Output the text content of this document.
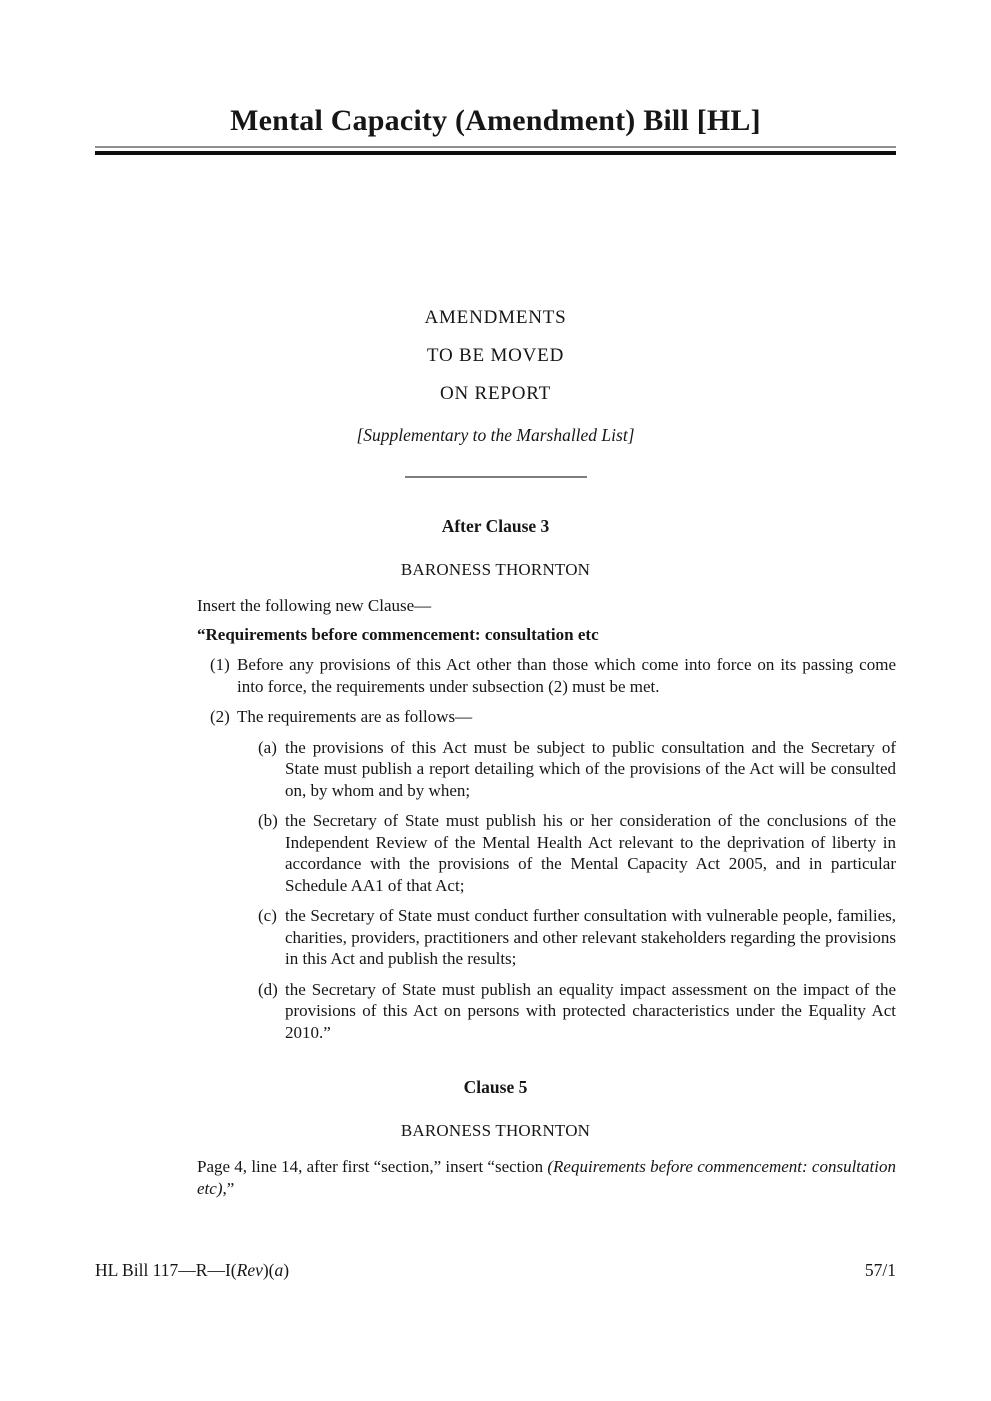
Mental Capacity (Amendment) Bill [HL]

AMENDMENTS

TO BE MOVED

ON REPORT

[Supplementary to the Marshalled List]

After Clause 3

BARONESS THORNTON

Insert the following new Clause—
“Requirements before commencement: consultation etc
(1) Before any provisions of this Act other than those which come into force on its passing come into force, the requirements under subsection (2) must be met.
(2) The requirements are as follows—
(a) the provisions of this Act must be subject to public consultation and the Secretary of State must publish a report detailing which of the provisions of the Act will be consulted on, by whom and by when;
(b) the Secretary of State must publish his or her consideration of the conclusions of the Independent Review of the Mental Health Act relevant to the deprivation of liberty in accordance with the provisions of the Mental Capacity Act 2005, and in particular Schedule AA1 of that Act;
(c) the Secretary of State must conduct further consultation with vulnerable people, families, charities, providers, practitioners and other relevant stakeholders regarding the provisions in this Act and publish the results;
(d) the Secretary of State must publish an equality impact assessment on the impact of the provisions of this Act on persons with protected characteristics under the Equality Act 2010.”

Clause 5

BARONESS THORNTON

Page 4, line 14, after first “section,” insert “section (Requirements before commencement: consultation etc),”
HL Bill 117—R—I(Rev)(a)	57/1
